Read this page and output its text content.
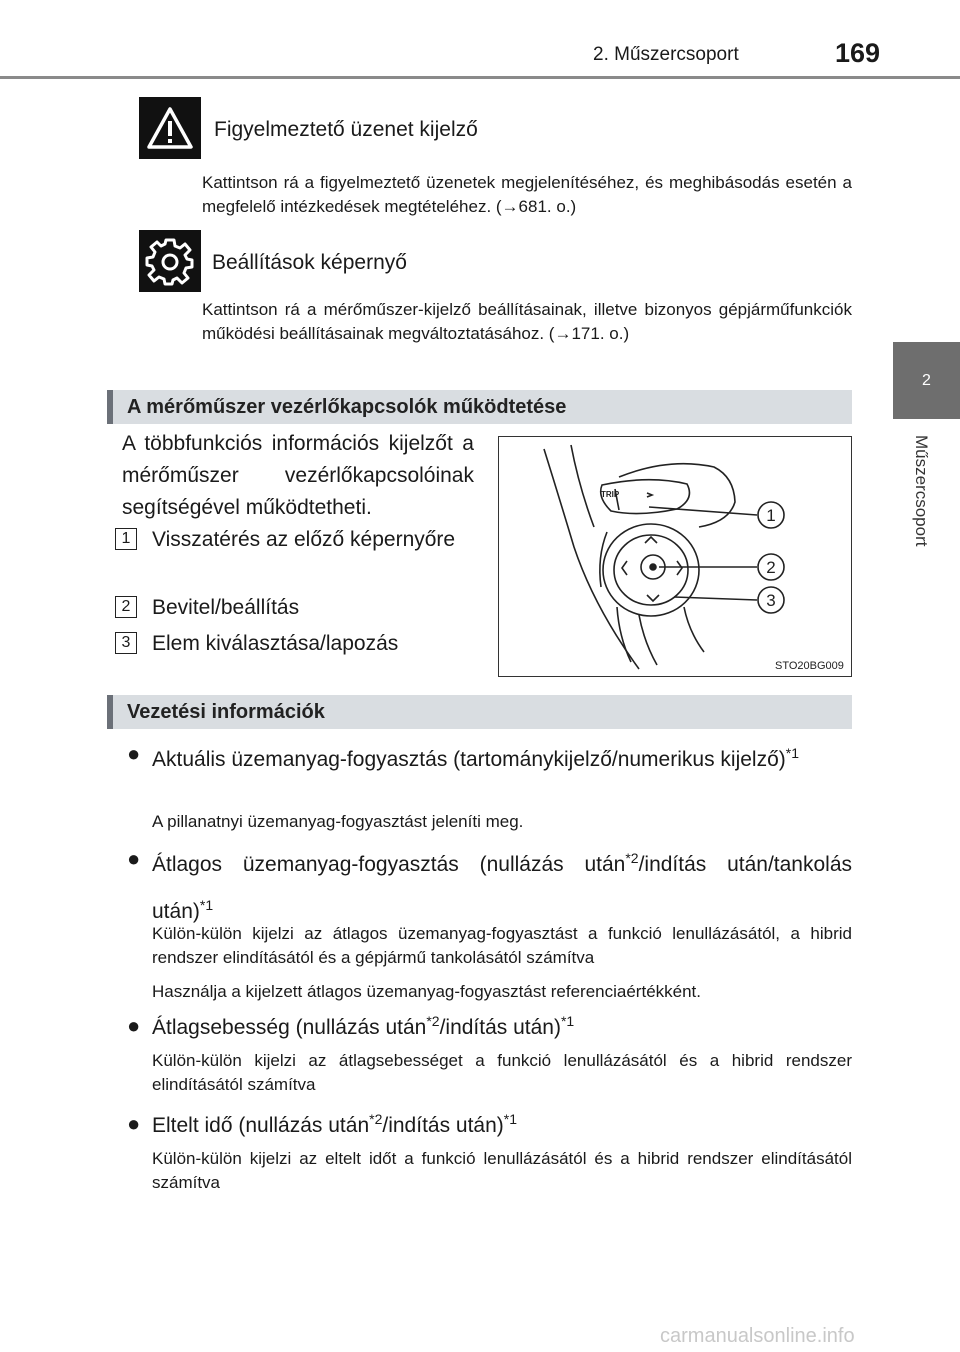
2. Műszercsoport	169
2
Műszercsoport
Figyelmeztető üzenet kijelző
Kattintson rá a figyelmeztető üzenetek megjelenítéséhez, és meghibásodás esetén a megfelelő intézkedések megtételéhez. (→681. o.)
Beállítások képernyő
Kattintson rá a mérőműszer-kijelző beállításainak, illetve bizonyos gépjárműfunkciók működési beállításainak megváltoztatásához. (→171. o.)
A mérőműszer vezérlőkapcsolók működtetése
A többfunkciós információs kijelzőt a mérőműszer vezérlőkapcsolóinak segítségével működtetheti.
1	Visszatérés az előző képernyőre
2	Bevitel/beállítás
3	Elem kiválasztása/lapozás
TRIP
1
2
3
STO20BG009
Vezetési információk
● Aktuális üzemanyag-fogyasztás (tartománykijelző/numerikus kijelző)$^{*1}$
A pillanatnyi üzemanyag-fogyasztást jeleníti meg.
● Átlagos üzemanyag-fogyasztás (nullázás után$^{*2}$/indítás után/tankolás után)$^{*1}$
Külön-külön kijelzi az átlagos üzemanyag-fogyasztást a funkció lenullázásától, a hibrid rendszer elindításától és a gépjármű tankolásától számítva
Használja a kijelzett átlagos üzemanyag-fogyasztást referenciaértékként.
● Átlagsebesség (nullázás után$^{*2}$/indítás után)$^{*1}$
Külön-külön kijelzi az átlagsebességet a funkció lenullázásától és a hibrid rendszer elindításától számítva
● Eltelt idő (nullázás után$^{*2}$/indítás után)$^{*1}$
Külön-külön kijelzi az eltelt időt a funkció lenullázásától és a hibrid rendszer elindításától számítva
carmanualsonline.info
